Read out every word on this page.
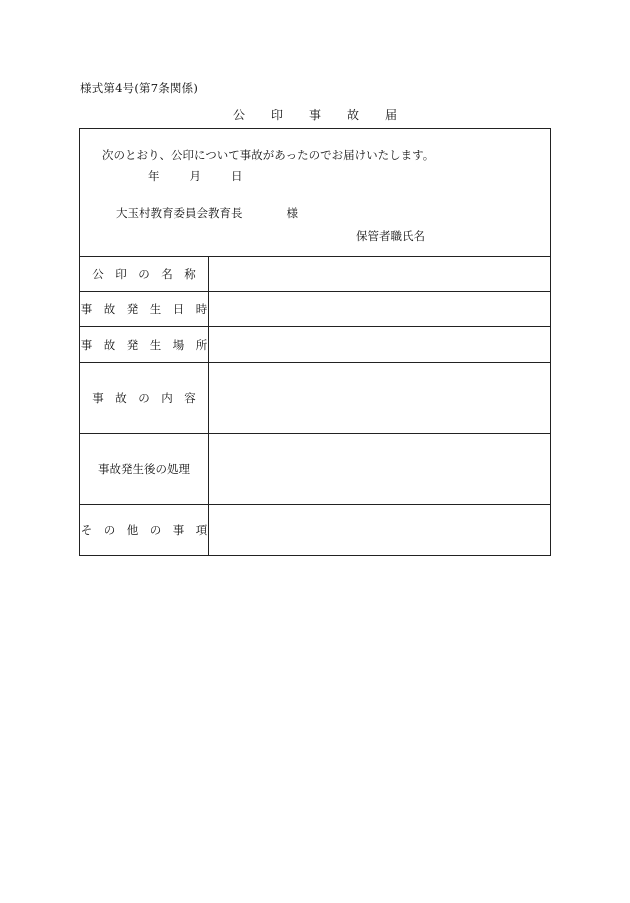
様式第4号(第7条関係)
公 印 事 故 届
次のとおり、公印について事故があったのでお届けいたします。
年	月	日
大玉村教育委員会教育長	様
保管者職氏名
公　印　の　名　称
事　故　発　生　日　時
事　故　発　生　場　所
事　故　の　内　容
事故発生後の処理
そ　の　他　の　事　項
